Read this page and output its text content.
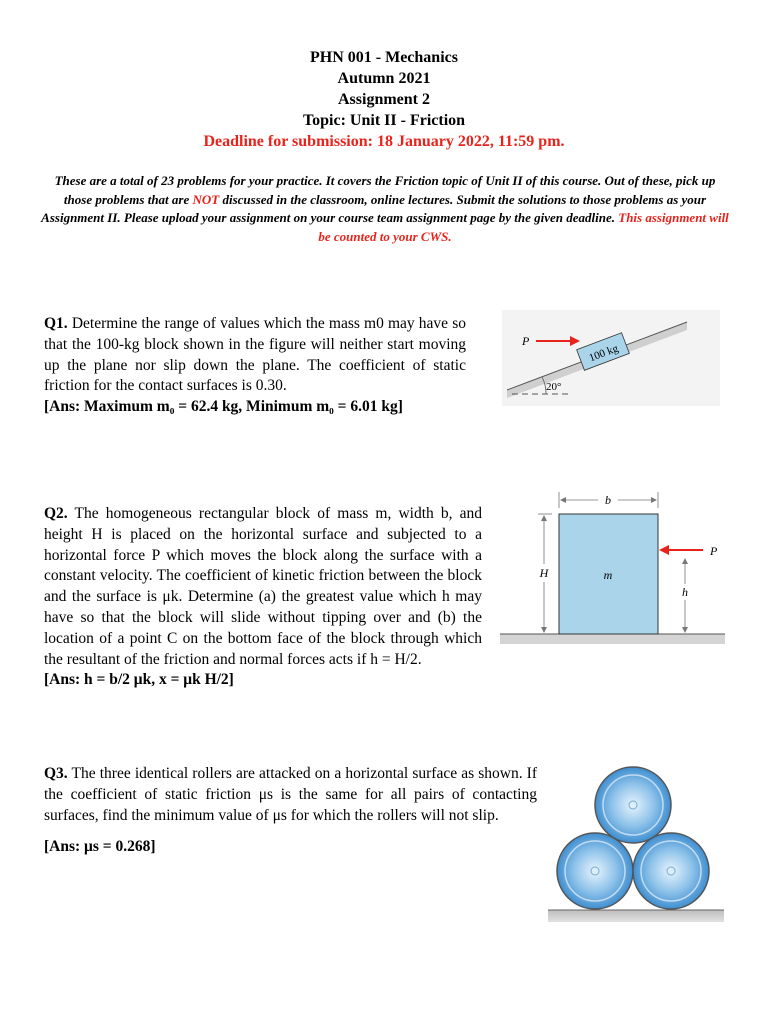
PHN 001 - Mechanics
Autumn 2021
Assignment 2
Topic: Unit II - Friction
Deadline for submission: 18 January 2022, 11:59 pm.
These are a total of 23 problems for your practice. It covers the Friction topic of Unit II of this course. Out of these, pick up those problems that are NOT discussed in the classroom, online lectures. Submit the solutions to those problems as your Assignment II. Please upload your assignment on your course team assignment page by the given deadline. This assignment will be counted to your CWS.
Q1. Determine the range of values which the mass m0 may have so that the 100-kg block shown in the figure will neither start moving up the plane nor slip down the plane. The coefficient of static friction for the contact surfaces is 0.30.
[Ans: Maximum m₀ = 62.4 kg, Minimum m₀ = 6.01 kg]
20°
100 kg
P
Q2. The homogeneous rectangular block of mass m, width b, and height H is placed on the horizontal surface and subjected to a horizontal force P which moves the block along the surface with a constant velocity. The coefficient of kinetic friction between the block and the surface is μk. Determine (a) the greatest value which h may have so that the block will slide without tipping over and (b) the location of a point C on the bottom face of the block through which the resultant of the friction and normal forces acts if h = H/2.
[Ans: h = b/2 μk, x = μk H/2]
m
b
H
h
P
Q3. The three identical rollers are attacked on a horizontal surface as shown. If the coefficient of static friction μs is the same for all pairs of contacting surfaces, find the minimum value of μs for which the rollers will not slip.
[Ans: μs = 0.268]
